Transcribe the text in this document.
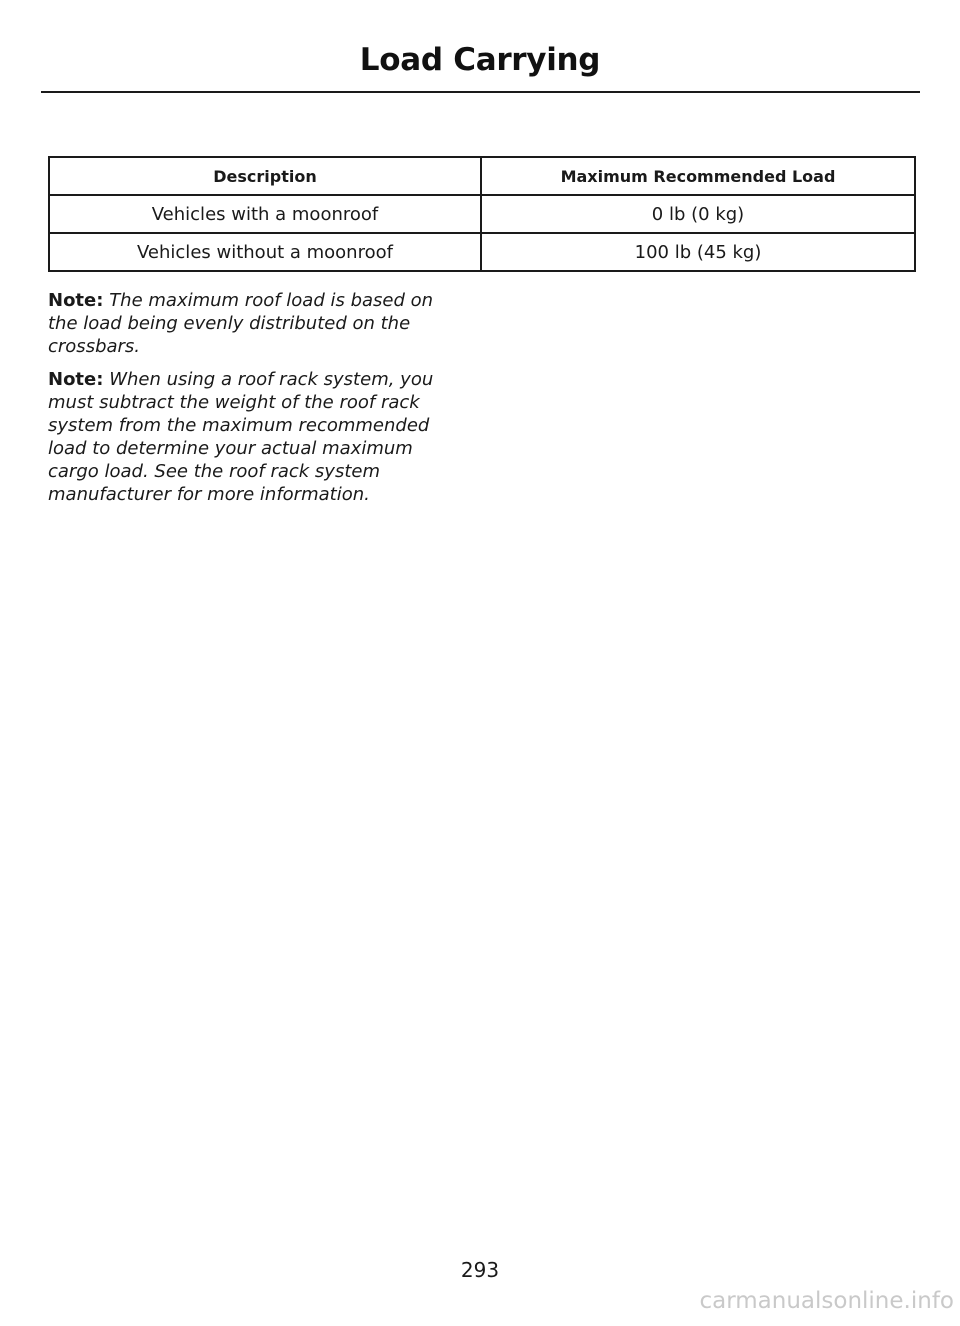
Load Carrying
Description	Maximum Recommended Load
Vehicles with a moonroof	0 lb (0 kg)
Vehicles without a moonroof	100 lb (45 kg)

Note: The maximum roof load is based on the load being evenly distributed on the crossbars.

Note: When using a roof rack system, you must subtract the weight of the roof rack system from the maximum recommended load to determine your actual maximum cargo load. See the roof rack system manufacturer for more information.

293
carmanualsonline.info
